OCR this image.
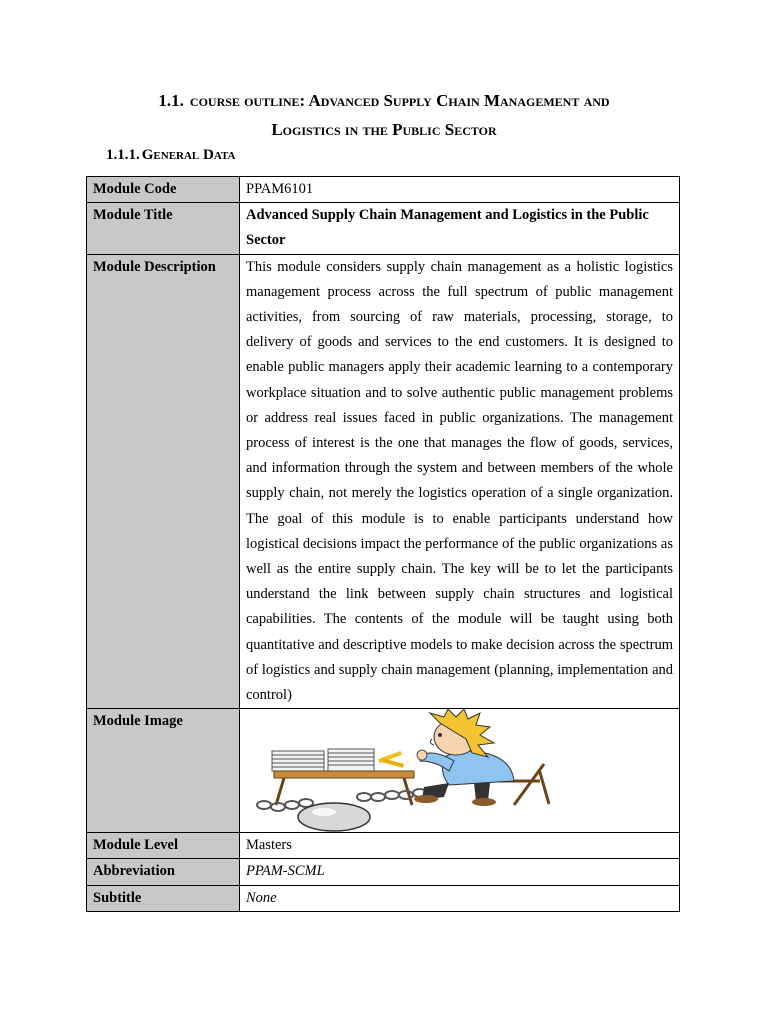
1.1. course outline: Advanced Supply Chain Management and
Logistics in the Public Sector
1.1.1. General Data
Module Code	PPAM6101
Module Title	Advanced Supply Chain Management and Logistics in the Public Sector
Module Description	This module considers supply chain management as a holistic logistics management process across the full spectrum of public management activities, from sourcing of raw materials, processing, storage, to delivery of goods and services to the end customers. It is designed to enable public managers apply their academic learning to a contemporary workplace situation and to solve authentic public management problems or address real issues faced in public organizations. The management process of interest is the one that manages the flow of goods, services, and information through the system and between members of the whole supply chain, not merely the logistics operation of a single organization. The goal of this module is to enable participants understand how logistical decisions impact the performance of the public organizations as well as the entire supply chain. The key will be to let the participants understand the link between supply chain structures and logistical capabilities. The contents of the module will be taught using both quantitative and descriptive models to make decision across the spectrum of logistics and supply chain management (planning, implementation and control)
Module Image	

Module Level	Masters
Abbreviation	PPAM-SCML
Subtitle	None
